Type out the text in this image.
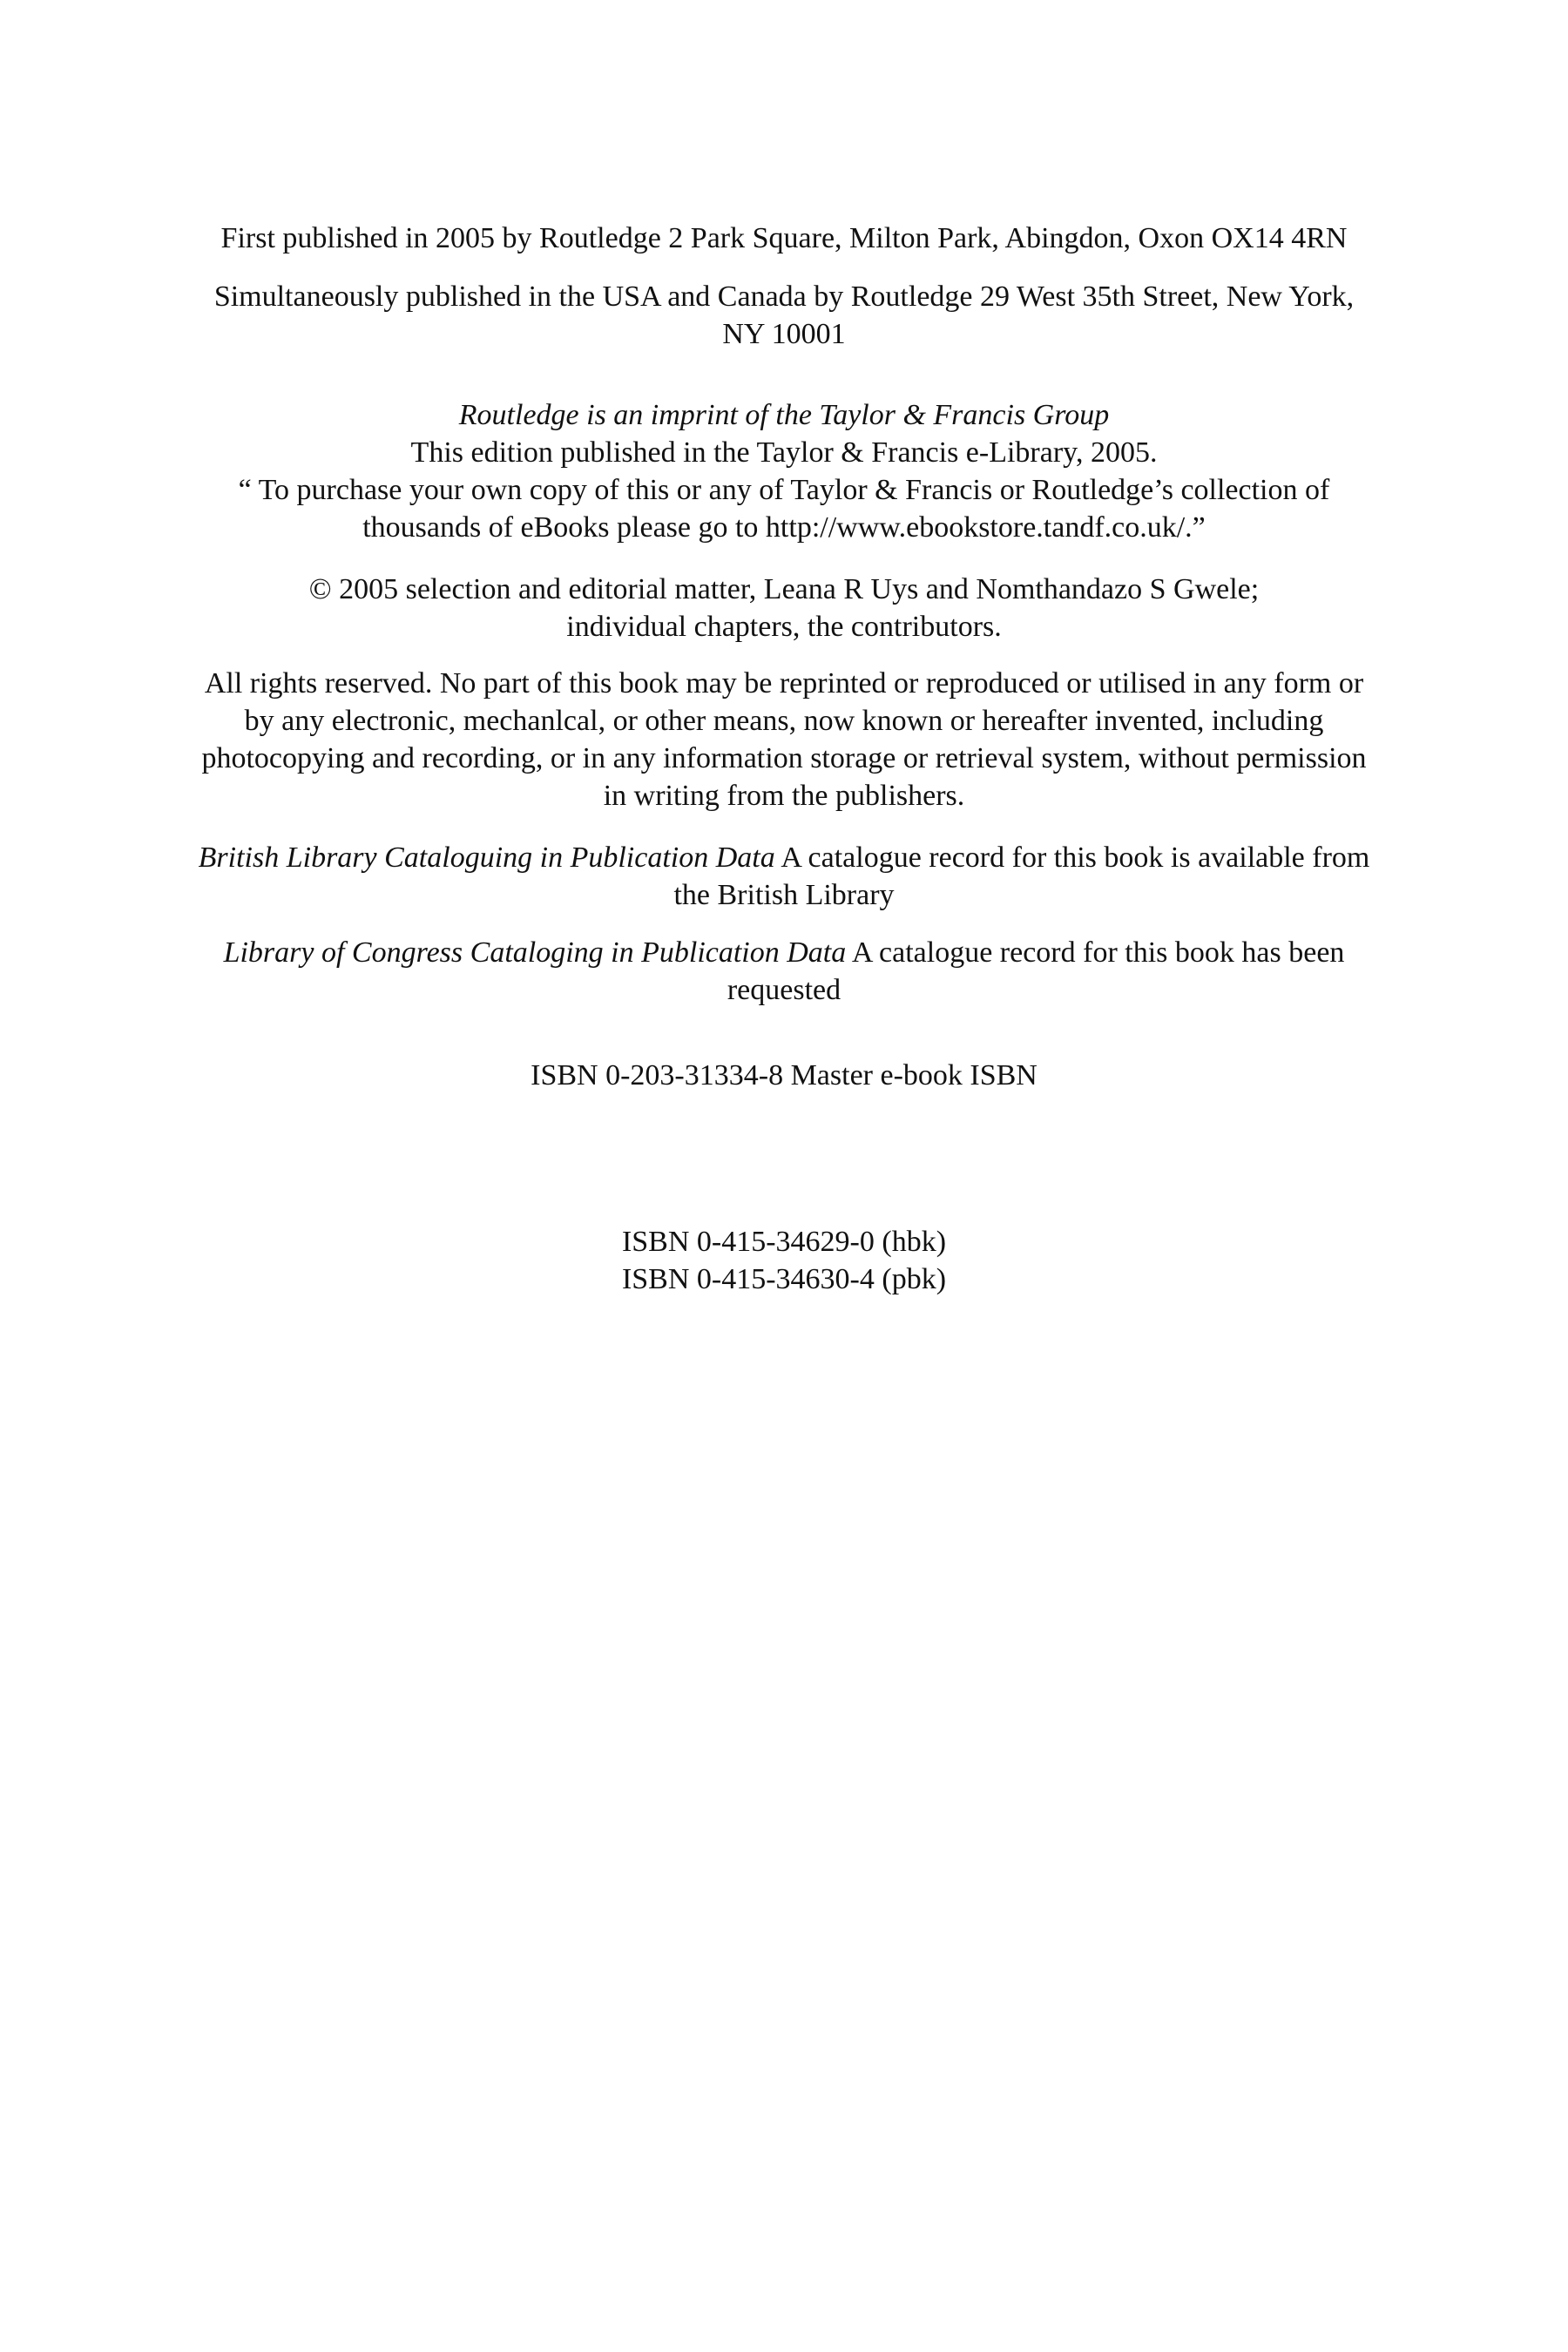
First published in 2005 by Routledge 2 Park Square, Milton Park, Abingdon, Oxon OX14 4RN

Simultaneously published in the USA and Canada by Routledge 29 West 35th Street, New York,
NY 10001

Routledge is an imprint of the Taylor & Francis Group
This edition published in the Taylor & Francis e-Library, 2005.
“ To purchase your own copy of this or any of Taylor & Francis or Routledge’s collection of
thousands of eBooks please go to http://www.ebookstore.tandf.co.uk/.”

© 2005 selection and editorial matter, Leana R Uys and Nomthandazo S Gwele;
individual chapters, the contributors.

All rights reserved. No part of this book may be reprinted or reproduced or utilised in any form or
by any electronic, mechanlcal, or other means, now known or hereafter invented, including
photocopying and recording, or in any information storage or retrieval system, without permission
in writing from the publishers.

British Library Cataloguing in Publication Data A catalogue record for this book is available from
the British Library

Library of Congress Cataloging in Publication Data A catalogue record for this book has been
requested

ISBN 0-203-31334-8 Master e-book ISBN

ISBN 0-415-34629-0 (hbk)
ISBN 0-415-34630-4 (pbk)
